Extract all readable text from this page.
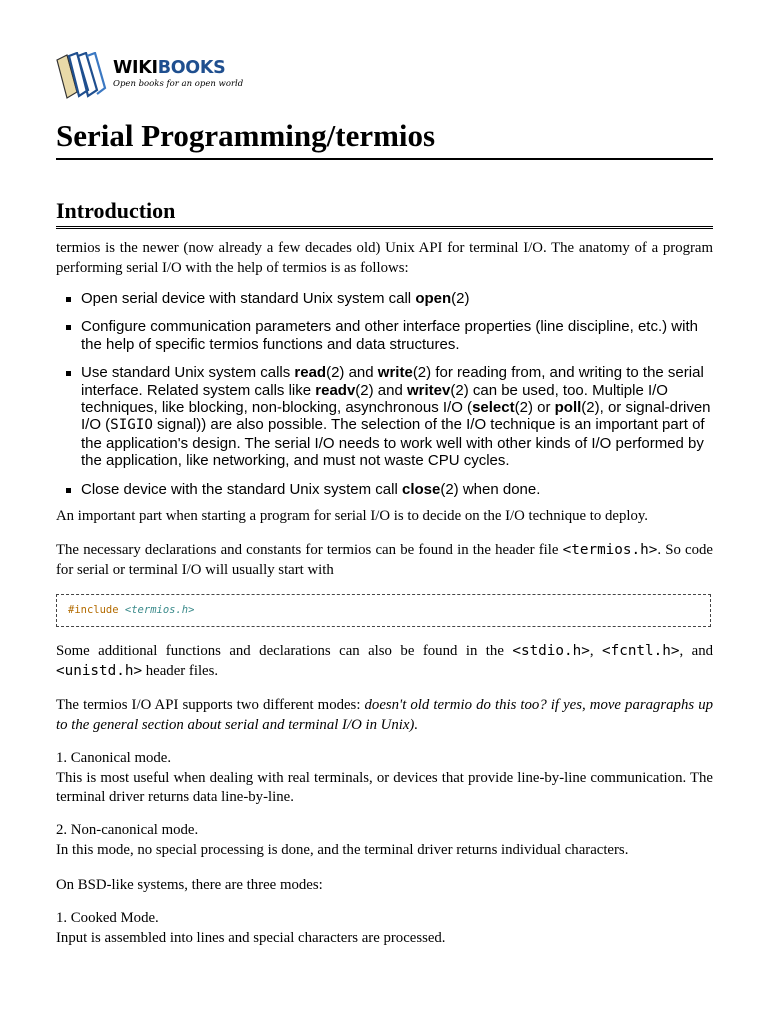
WIKIBOOKS
Open books for an open world
Serial Programming/termios
Introduction

termios is the newer (now already a few decades old) Unix API for terminal I/O. The anatomy of a program performing serial I/O with the help of termios is as follows:

Open serial device with standard Unix system call open(2)
Configure communication parameters and other interface properties (line discipline, etc.) with the help of specific termios functions and data structures.
Use standard Unix system calls read(2) and write(2) for reading from, and writing to the serial interface. Related system calls like readv(2) and writev(2) can be used, too. Multiple I/O techniques, like blocking, non-blocking, asynchronous I/O (select(2) or poll(2), or signal-driven I/O (SIGIO signal)) are also possible. The selection of the I/O technique is an important part of the application's design. The serial I/O needs to work well with other kinds of I/O performed by the application, like networking, and must not waste CPU cycles.
Close device with the standard Unix system call close(2) when done.

An important part when starting a program for serial I/O is to decide on the I/O technique to deploy.

The necessary declarations and constants for termios can be found in the header file <termios.h>. So code for serial or terminal I/O will usually start with

#include <termios.h>

Some additional functions and declarations can also be found in the <stdio.h>, <fcntl.h>, and <unistd.h> header files.

The termios I/O API supports two different modes: doesn't old termio do this too? if yes, move paragraphs up to the general section about serial and terminal I/O in Unix).

1. Canonical mode.
This is most useful when dealing with real terminals, or devices that provide line-by-line communication. The terminal driver returns data line-by-line.

2. Non-canonical mode.
In this mode, no special processing is done, and the terminal driver returns individual characters.

On BSD-like systems, there are three modes:

1. Cooked Mode.
Input is assembled into lines and special characters are processed.
